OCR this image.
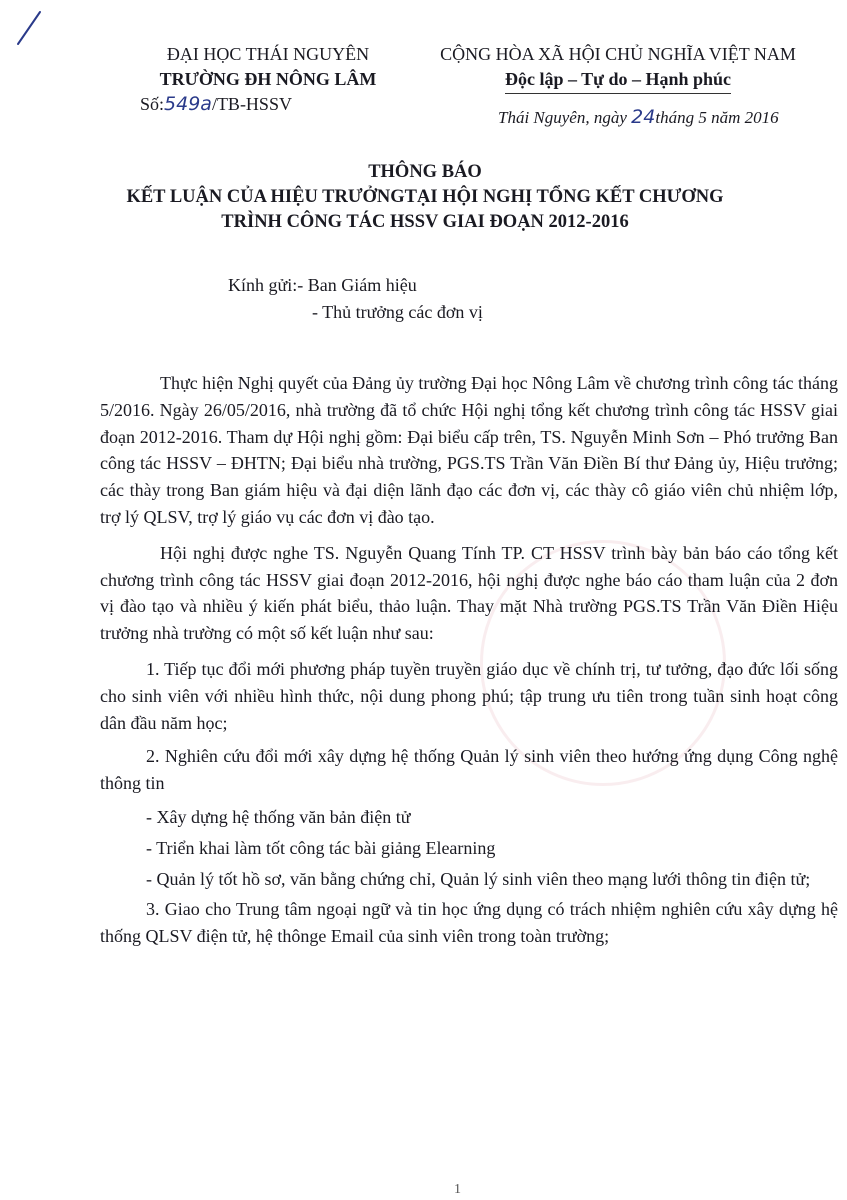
ĐẠI HỌC THÁI NGUYÊN
TRƯỜNG ĐH NÔNG LÂM
Số:549a/TB-HSSV
CỘNG HÒA XÃ HỘI CHỦ NGHĨA VIỆT NAM
Độc lập – Tự do – Hạnh phúc
Thái Nguyên, ngày 24tháng 5 năm 2016
THÔNG BÁO
KẾT LUẬN CỦA HIỆU TRƯỞNGTẠI HỘI NGHỊ TỔNG KẾT CHƯƠNG
TRÌNH CÔNG TÁC HSSV GIAI ĐOẠN 2012-2016
Kính gửi:- Ban Giám hiệu
- Thủ trưởng các đơn vị

Thực hiện Nghị quyết của Đảng ủy trường Đại học Nông Lâm về chương trình công tác tháng 5/2016. Ngày 26/05/2016, nhà trường đã tổ chức Hội nghị tổng kết chương trình công tác HSSV giai đoạn 2012-2016. Tham dự Hội nghị gồm: Đại biểu cấp trên, TS. Nguyễn Minh Sơn – Phó trưởng Ban công tác HSSV – ĐHTN; Đại biểu nhà trường, PGS.TS Trần Văn Điền Bí thư Đảng ủy, Hiệu trưởng; các thày trong Ban giám hiệu và đại diện lãnh đạo các đơn vị, các thày cô giáo viên chủ nhiệm lớp, trợ lý QLSV, trợ lý giáo vụ các đơn vị đào tạo.

Hội nghị được nghe TS. Nguyễn Quang Tính TP. CT HSSV trình bày bản báo cáo tổng kết chương trình công tác HSSV giai đoạn 2012-2016, hội nghị được nghe báo cáo tham luận của 2 đơn vị đào tạo và nhiều ý kiến phát biểu, thảo luận. Thay mặt Nhà trường PGS.TS Trần Văn Điền Hiệu trưởng nhà trường có một số kết luận như sau:

1. Tiếp tục đổi mới phương pháp tuyền truyền giáo dục về chính trị, tư tưởng, đạo đức lối sống cho sinh viên với nhiều hình thức, nội dung phong phú; tập trung ưu tiên trong tuần sinh hoạt công dân đầu năm học;

2. Nghiên cứu đổi mới xây dựng hệ thống Quản lý sinh viên theo hướng ứng dụng Công nghệ thông tin

- Xây dựng hệ thống văn bản điện tử

- Triển khai làm tốt công tác bài giảng Elearning

- Quản lý tốt hồ sơ, văn bằng chứng chỉ, Quản lý sinh viên theo mạng lưới thông tin điện tử;

3. Giao cho Trung tâm ngoại ngữ và tin học ứng dụng có trách nhiệm nghiên cứu xây dựng hệ thống QLSV điện tử, hệ thônge Email của sinh viên trong toàn trường;

1
